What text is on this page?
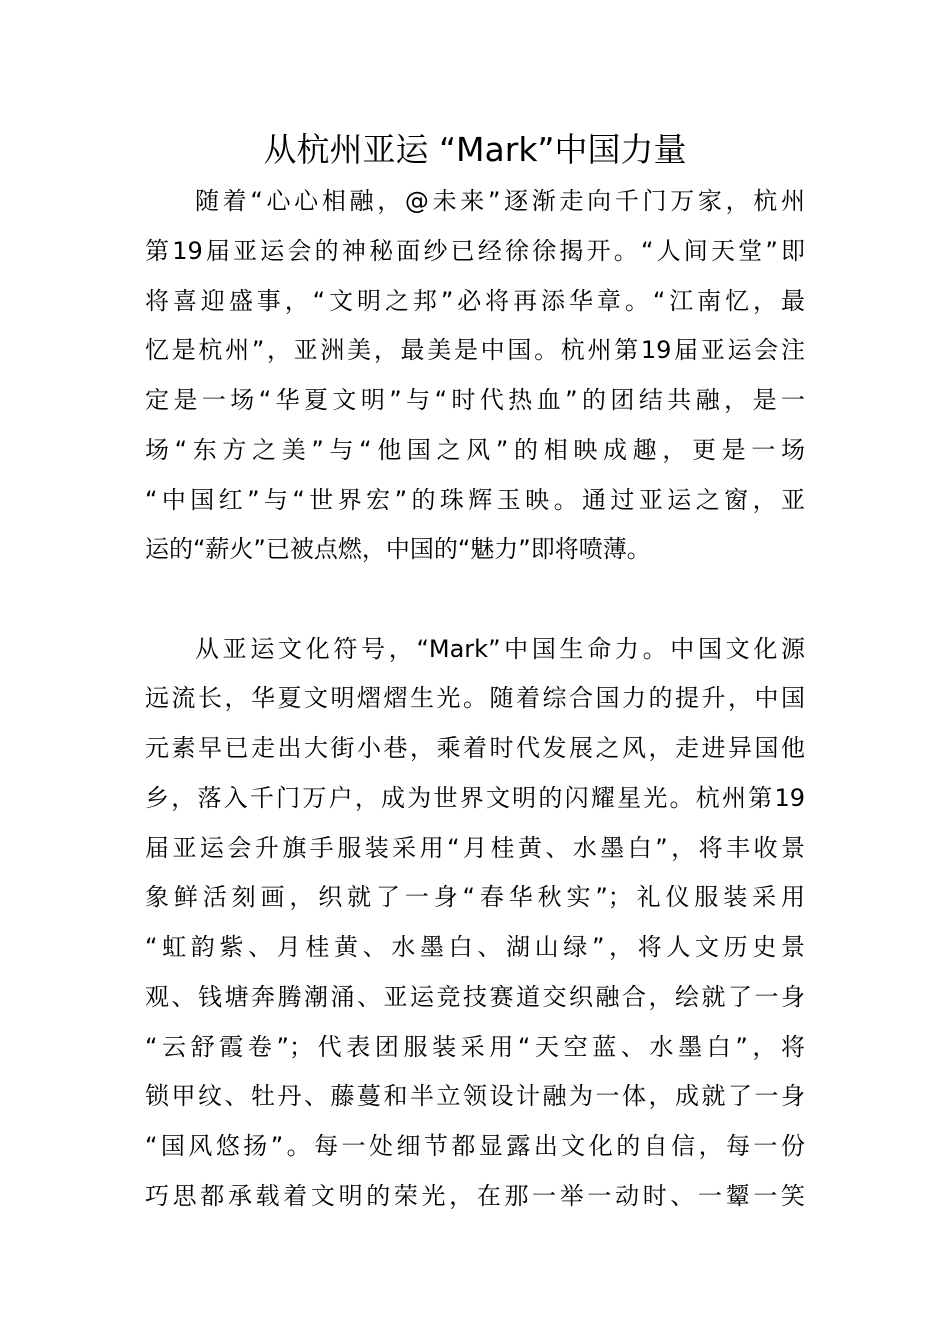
从杭州亚运 “Mark”中国力量
随着“心心相融，@未来”逐渐走向千门万家，杭州
第19届亚运会的神秘面纱已经徐徐揭开。“人间天堂”即
将喜迎盛事，“文明之邦”必将再添华章。“江南忆，最
忆是杭州”，亚洲美，最美是中国。杭州第19届亚运会注
定是一场“华夏文明”与“时代热血”的团结共融，是一
场“东方之美”与“他国之风”的相映成趣，更是一场
“中国红”与“世界宏”的珠辉玉映。通过亚运之窗，亚
运的“薪火”已被点燃，中国的“魅力”即将喷薄。
从亚运文化符号，“Mark”中国生命力。中国文化源
远流长，华夏文明熠熠生光。随着综合国力的提升，中国
元素早已走出大街小巷，乘着时代发展之风，走进异国他
乡，落入千门万户，成为世界文明的闪耀星光。杭州第19
届亚运会升旗手服装采用“月桂黄、水墨白”，将丰收景
象鲜活刻画，织就了一身“春华秋实”；礼仪服装采用
“虹韵紫、月桂黄、水墨白、湖山绿”，将人文历史景
观、钱塘奔腾潮涌、亚运竞技赛道交织融合，绘就了一身
“云舒霞卷”；代表团服装采用“天空蓝、水墨白”，将
锁甲纹、牡丹、藤蔓和半立领设计融为一体，成就了一身
“国风悠扬”。每一处细节都显露出文化的自信，每一份
巧思都承载着文明的荣光，在那一举一动时、一颦一笑
